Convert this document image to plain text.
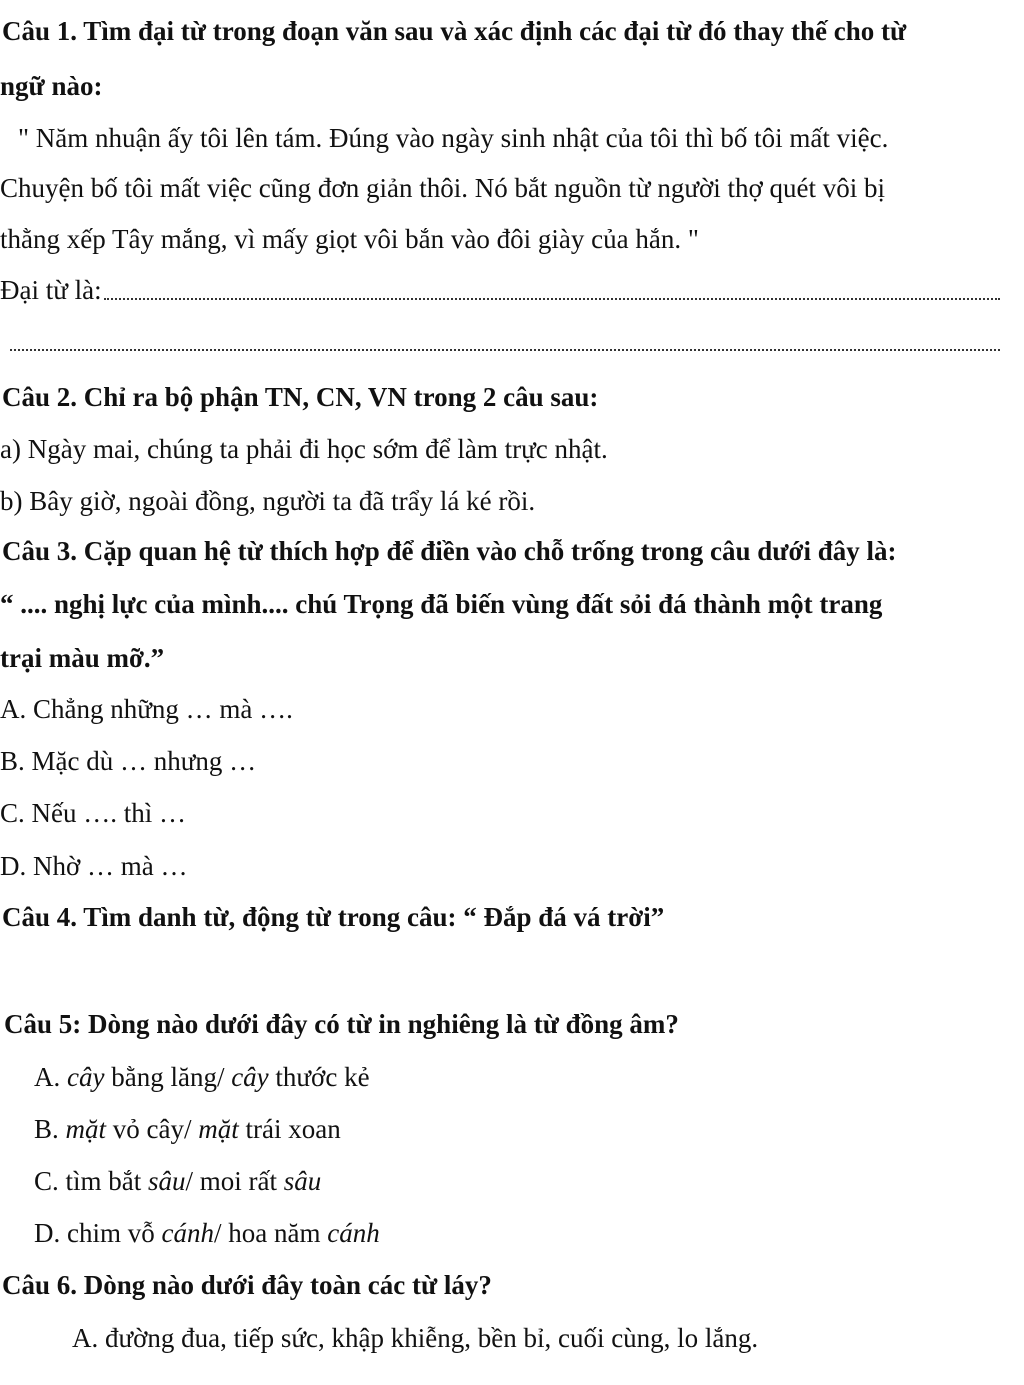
Câu 1. Tìm đại từ trong đoạn văn sau và xác định các đại từ đó thay thế cho từ
ngữ nào:
" Năm nhuận ấy tôi lên tám. Đúng vào ngày sinh nhật của tôi thì bố tôi mất việc.
Chuyện bố tôi mất việc cũng đơn giản thôi. Nó bắt nguồn từ người thợ quét vôi bị
thằng xếp Tây mắng, vì mấy giọt vôi bắn vào đôi giày của hắn. "
Đại từ là:
Câu 2. Chỉ ra bộ phận TN, CN, VN trong 2 câu sau:
a) Ngày mai, chúng ta phải đi học sớm để làm trực nhật.
b) Bây giờ, ngoài đồng, người ta đã trẩy lá ké rồi.
Câu 3. Cặp quan hệ từ thích hợp để điền vào chỗ trống trong câu dưới đây là:
“ .... nghị lực của mình.... chú Trọng đã biến vùng đất sỏi đá thành một trang
trại màu mỡ.”
A. Chẳng những … mà ….
B. Mặc dù … nhưng …
C. Nếu …. thì …
D. Nhờ … mà …
Câu 4. Tìm danh từ, động từ trong câu: “ Đắp đá vá trời”
Câu 5: Dòng nào dưới đây có từ in nghiêng là từ đồng âm?
A. cây bằng lăng/ cây thước kẻ
B. mặt vỏ cây/ mặt trái xoan
C. tìm bắt sâu/ moi rất sâu
D. chim vỗ cánh/ hoa năm cánh
Câu 6. Dòng nào dưới đây toàn các từ láy?
A. đường đua, tiếp sức, khập khiễng, bền bỉ, cuối cùng, lo lắng.
